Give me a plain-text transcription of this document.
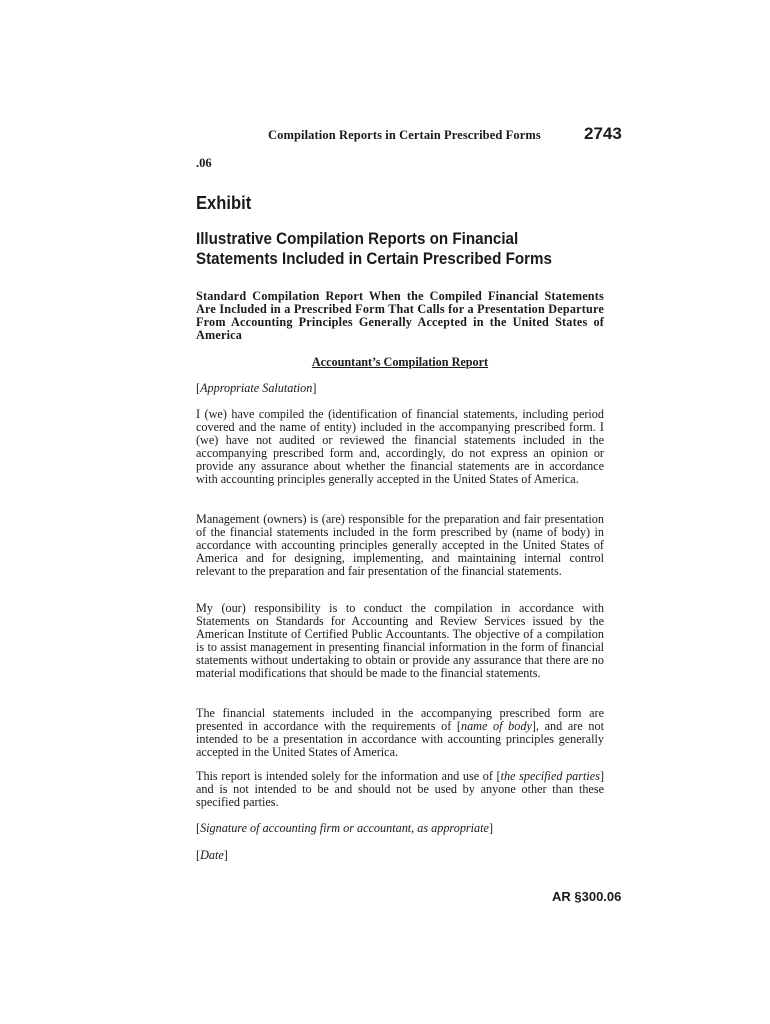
Compilation Reports in Certain Prescribed Forms	2743
.06
Exhibit
Illustrative Compilation Reports on Financial Statements Included in Certain Prescribed Forms
Standard Compilation Report When the Compiled Financial Statements Are Included in a Prescribed Form That Calls for a Presentation Departure From Accounting Principles Generally Accepted in the United States of America
Accountant’s Compilation Report
[Appropriate Salutation]
I (we) have compiled the (identification of financial statements, including period covered and the name of entity) included in the accompanying prescribed form. I (we) have not audited or reviewed the financial statements included in the accompanying prescribed form and, accordingly, do not express an opinion or provide any assurance about whether the financial statements are in accordance with accounting principles generally accepted in the United States of America.
Management (owners) is (are) responsible for the preparation and fair presentation of the financial statements included in the form prescribed by (name of body) in accordance with accounting principles generally accepted in the United States of America and for designing, implementing, and maintaining internal control relevant to the preparation and fair presentation of the financial statements.
My (our) responsibility is to conduct the compilation in accordance with Statements on Standards for Accounting and Review Services issued by the American Institute of Certified Public Accountants. The objective of a compilation is to assist management in presenting financial information in the form of financial statements without undertaking to obtain or provide any assurance that there are no material modifications that should be made to the financial statements.
The financial statements included in the accompanying prescribed form are presented in accordance with the requirements of [name of body], and are not intended to be a presentation in accordance with accounting principles generally accepted in the United States of America.
This report is intended solely for the information and use of [the specified parties] and is not intended to be and should not be used by anyone other than these specified parties.
[Signature of accounting firm or accountant, as appropriate]
[Date]
AR §300.06
